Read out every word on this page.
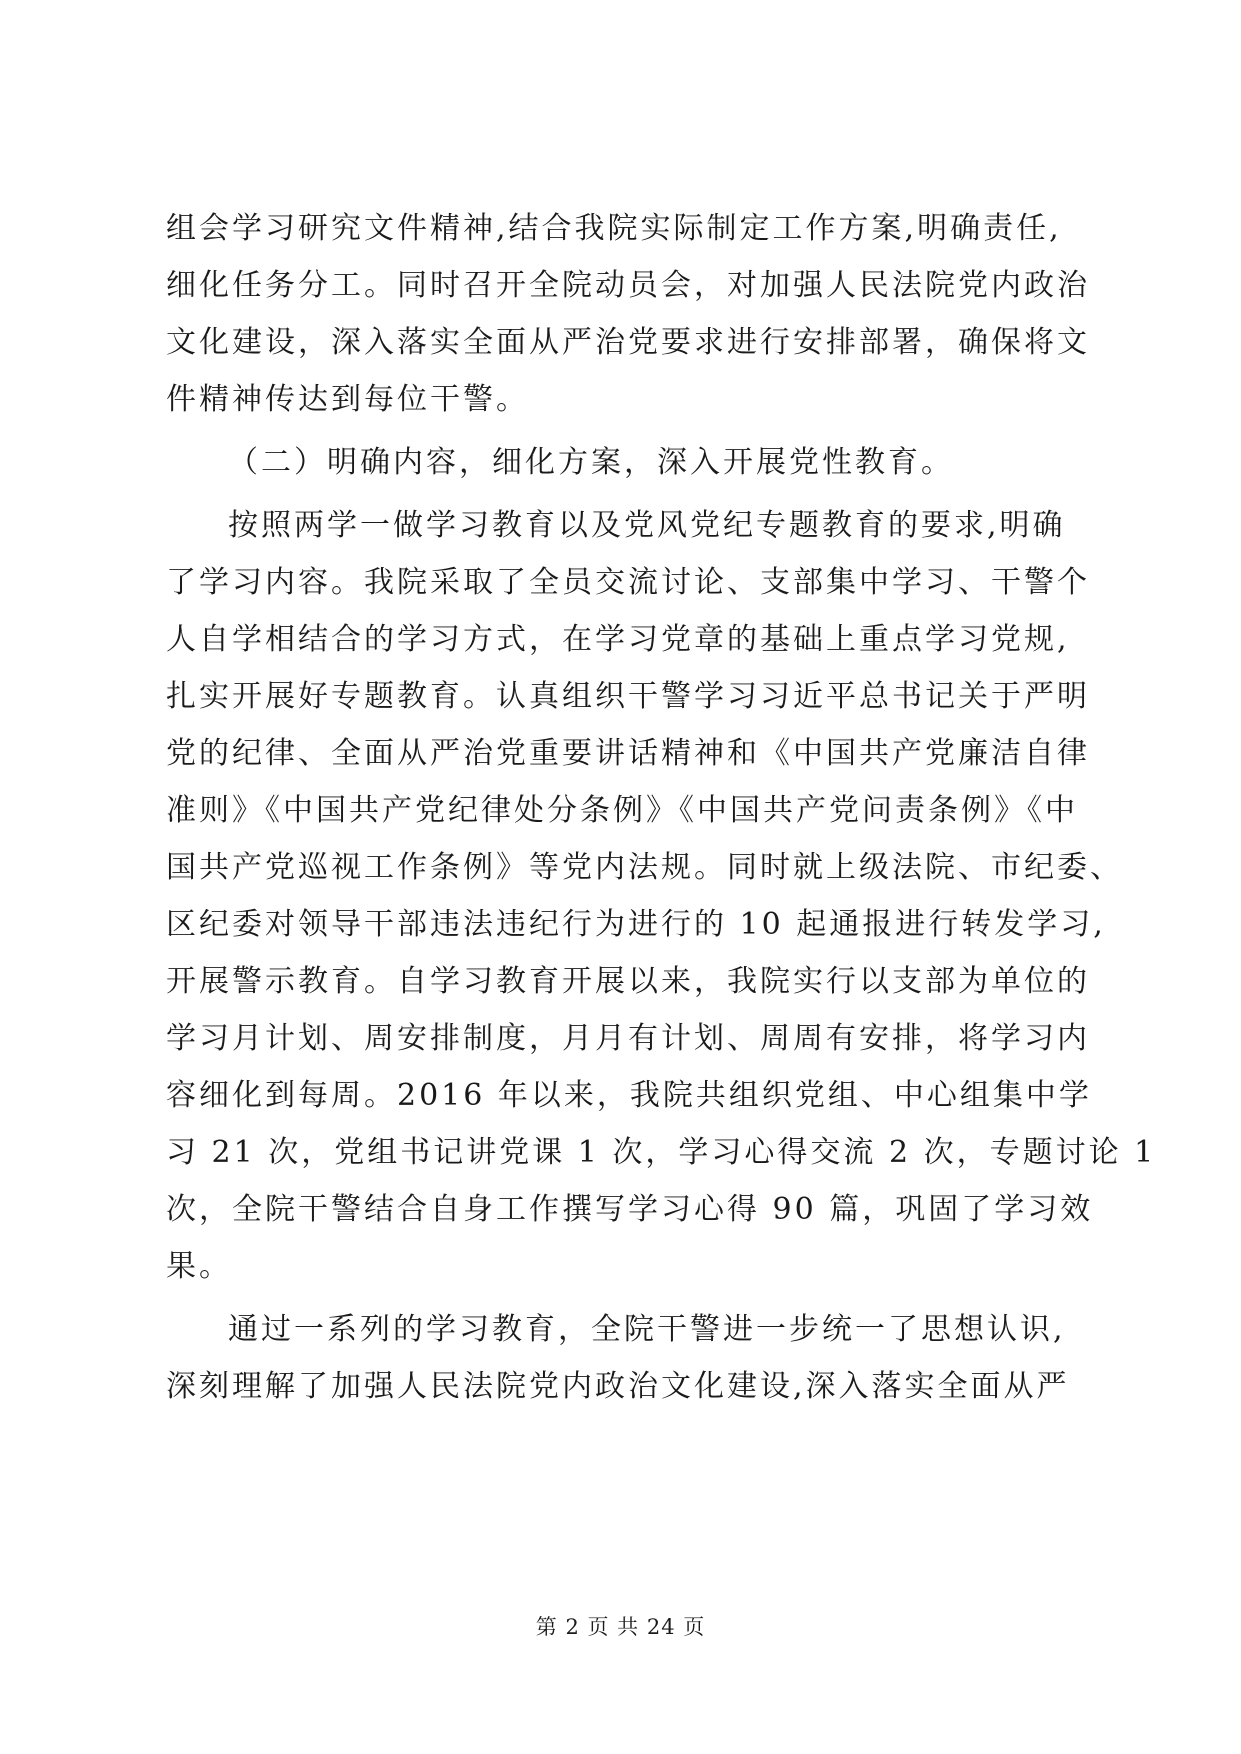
组会学习研究文件精神,结合我院实际制定工作方案,明确责任,
细化任务分工。同时召开全院动员会，对加强人民法院党内政治
文化建设，深入落实全面从严治党要求进行安排部署，确保将文
件精神传达到每位干警。
（二）明确内容，细化方案，深入开展党性教育。
按照两学一做学习教育以及党风党纪专题教育的要求,明确
了学习内容。我院采取了全员交流讨论、支部集中学习、干警个
人自学相结合的学习方式，在学习党章的基础上重点学习党规,
扎实开展好专题教育。认真组织干警学习习近平总书记关于严明
党的纪律、全面从严治党重要讲话精神和《中国共产党廉洁自律
准则》《中国共产党纪律处分条例》《中国共产党问责条例》《中
国共产党巡视工作条例》等党内法规。同时就上级法院、市纪委、
区纪委对领导干部违法违纪行为进行的 10 起通报进行转发学习,
开展警示教育。自学习教育开展以来，我院实行以支部为单位的
学习月计划、周安排制度，月月有计划、周周有安排，将学习内
容细化到每周。2016 年以来，我院共组织党组、中心组集中学
习 21 次，党组书记讲党课 1 次，学习心得交流 2 次，专题讨论 1
次，全院干警结合自身工作撰写学习心得 90 篇，巩固了学习效
果。
通过一系列的学习教育，全院干警进一步统一了思想认识,
深刻理解了加强人民法院党内政治文化建设,深入落实全面从严
第 2 页 共 24 页
